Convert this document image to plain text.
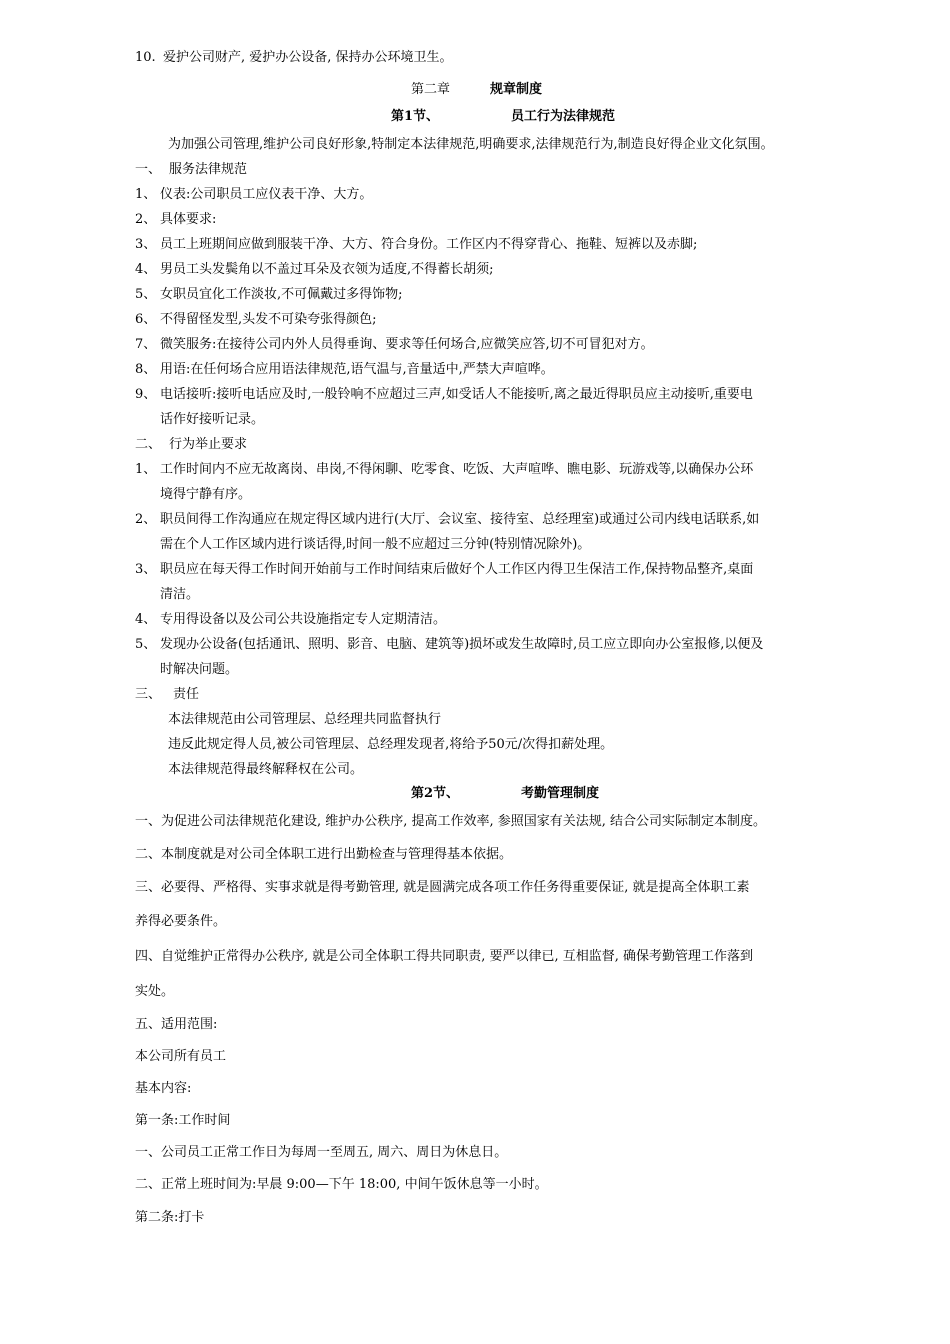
10. 爱护公司财产, 爱护办公设备, 保持办公环境卫生。
第二章	规章制度
第1节、	员工行为法律规范
为加强公司管理,维护公司良好形象,特制定本法律规范,明确要求,法律规范行为,制造良好得企业文化氛围。
一、 服务法律规范
1、 仪表:公司职员工应仪表干净、大方。
2、 具体要求:
3、 员工上班期间应做到服装干净、大方、符合身份。工作区内不得穿背心、拖鞋、短裤以及赤脚;
4、 男员工头发鬓角以不盖过耳朵及衣领为适度,不得蓄长胡须;
5、 女职员宜化工作淡妆,不可佩戴过多得饰物;
6、 不得留怪发型,头发不可染夸张得颜色;
7、 微笑服务:在接待公司内外人员得垂询、要求等任何场合,应微笑应答,切不可冒犯对方。
8、 用语:在任何场合应用语法律规范,语气温与,音量适中,严禁大声喧哗。
9、 电话接听:接听电话应及时,一般铃响不应超过三声,如受话人不能接听,离之最近得职员应主动接听,重要电
话作好接听记录。
二、 行为举止要求
1、 工作时间内不应无故离岗、串岗,不得闲聊、吃零食、吃饭、大声喧哗、瞧电影、玩游戏等,以确保办公环
境得宁静有序。
2、 职员间得工作沟通应在规定得区域内进行(大厅、会议室、接待室、总经理室)或通过公司内线电话联系,如
需在个人工作区域内进行谈话得,时间一般不应超过三分钟(特别情况除外)。
3、 职员应在每天得工作时间开始前与工作时间结束后做好个人工作区内得卫生保洁工作,保持物品整齐,桌面
清洁。
4、 专用得设备以及公司公共设施指定专人定期清洁。
5、 发现办公设备(包括通讯、照明、影音、电脑、建筑等)损坏或发生故障时,员工应立即向办公室报修,以便及
时解决问题。
三、 责任
本法律规范由公司管理层、总经理共同监督执行
违反此规定得人员,被公司管理层、总经理发现者,将给予50元/次得扣薪处理。
本法律规范得最终解释权在公司。
第2节、	考勤管理制度
一、为促进公司法律规范化建设, 维护办公秩序, 提高工作效率, 参照国家有关法规, 结合公司实际制定本制度。
二、本制度就是对公司全体职工进行出勤检查与管理得基本依据。
三、必要得、严格得、实事求就是得考勤管理, 就是圆满完成各项工作任务得重要保证, 就是提高全体职工素
养得必要条件。
四、自觉维护正常得办公秩序, 就是公司全体职工得共同职责, 要严以律已, 互相监督, 确保考勤管理工作落到
实处。
五、适用范围:
本公司所有员工
基本内容:
第一条:工作时间
一、公司员工正常工作日为每周一至周五, 周六、周日为休息日。
二、正常上班时间为:早晨 9:00—下午 18:00, 中间午饭休息等一小时。
第二条:打卡
